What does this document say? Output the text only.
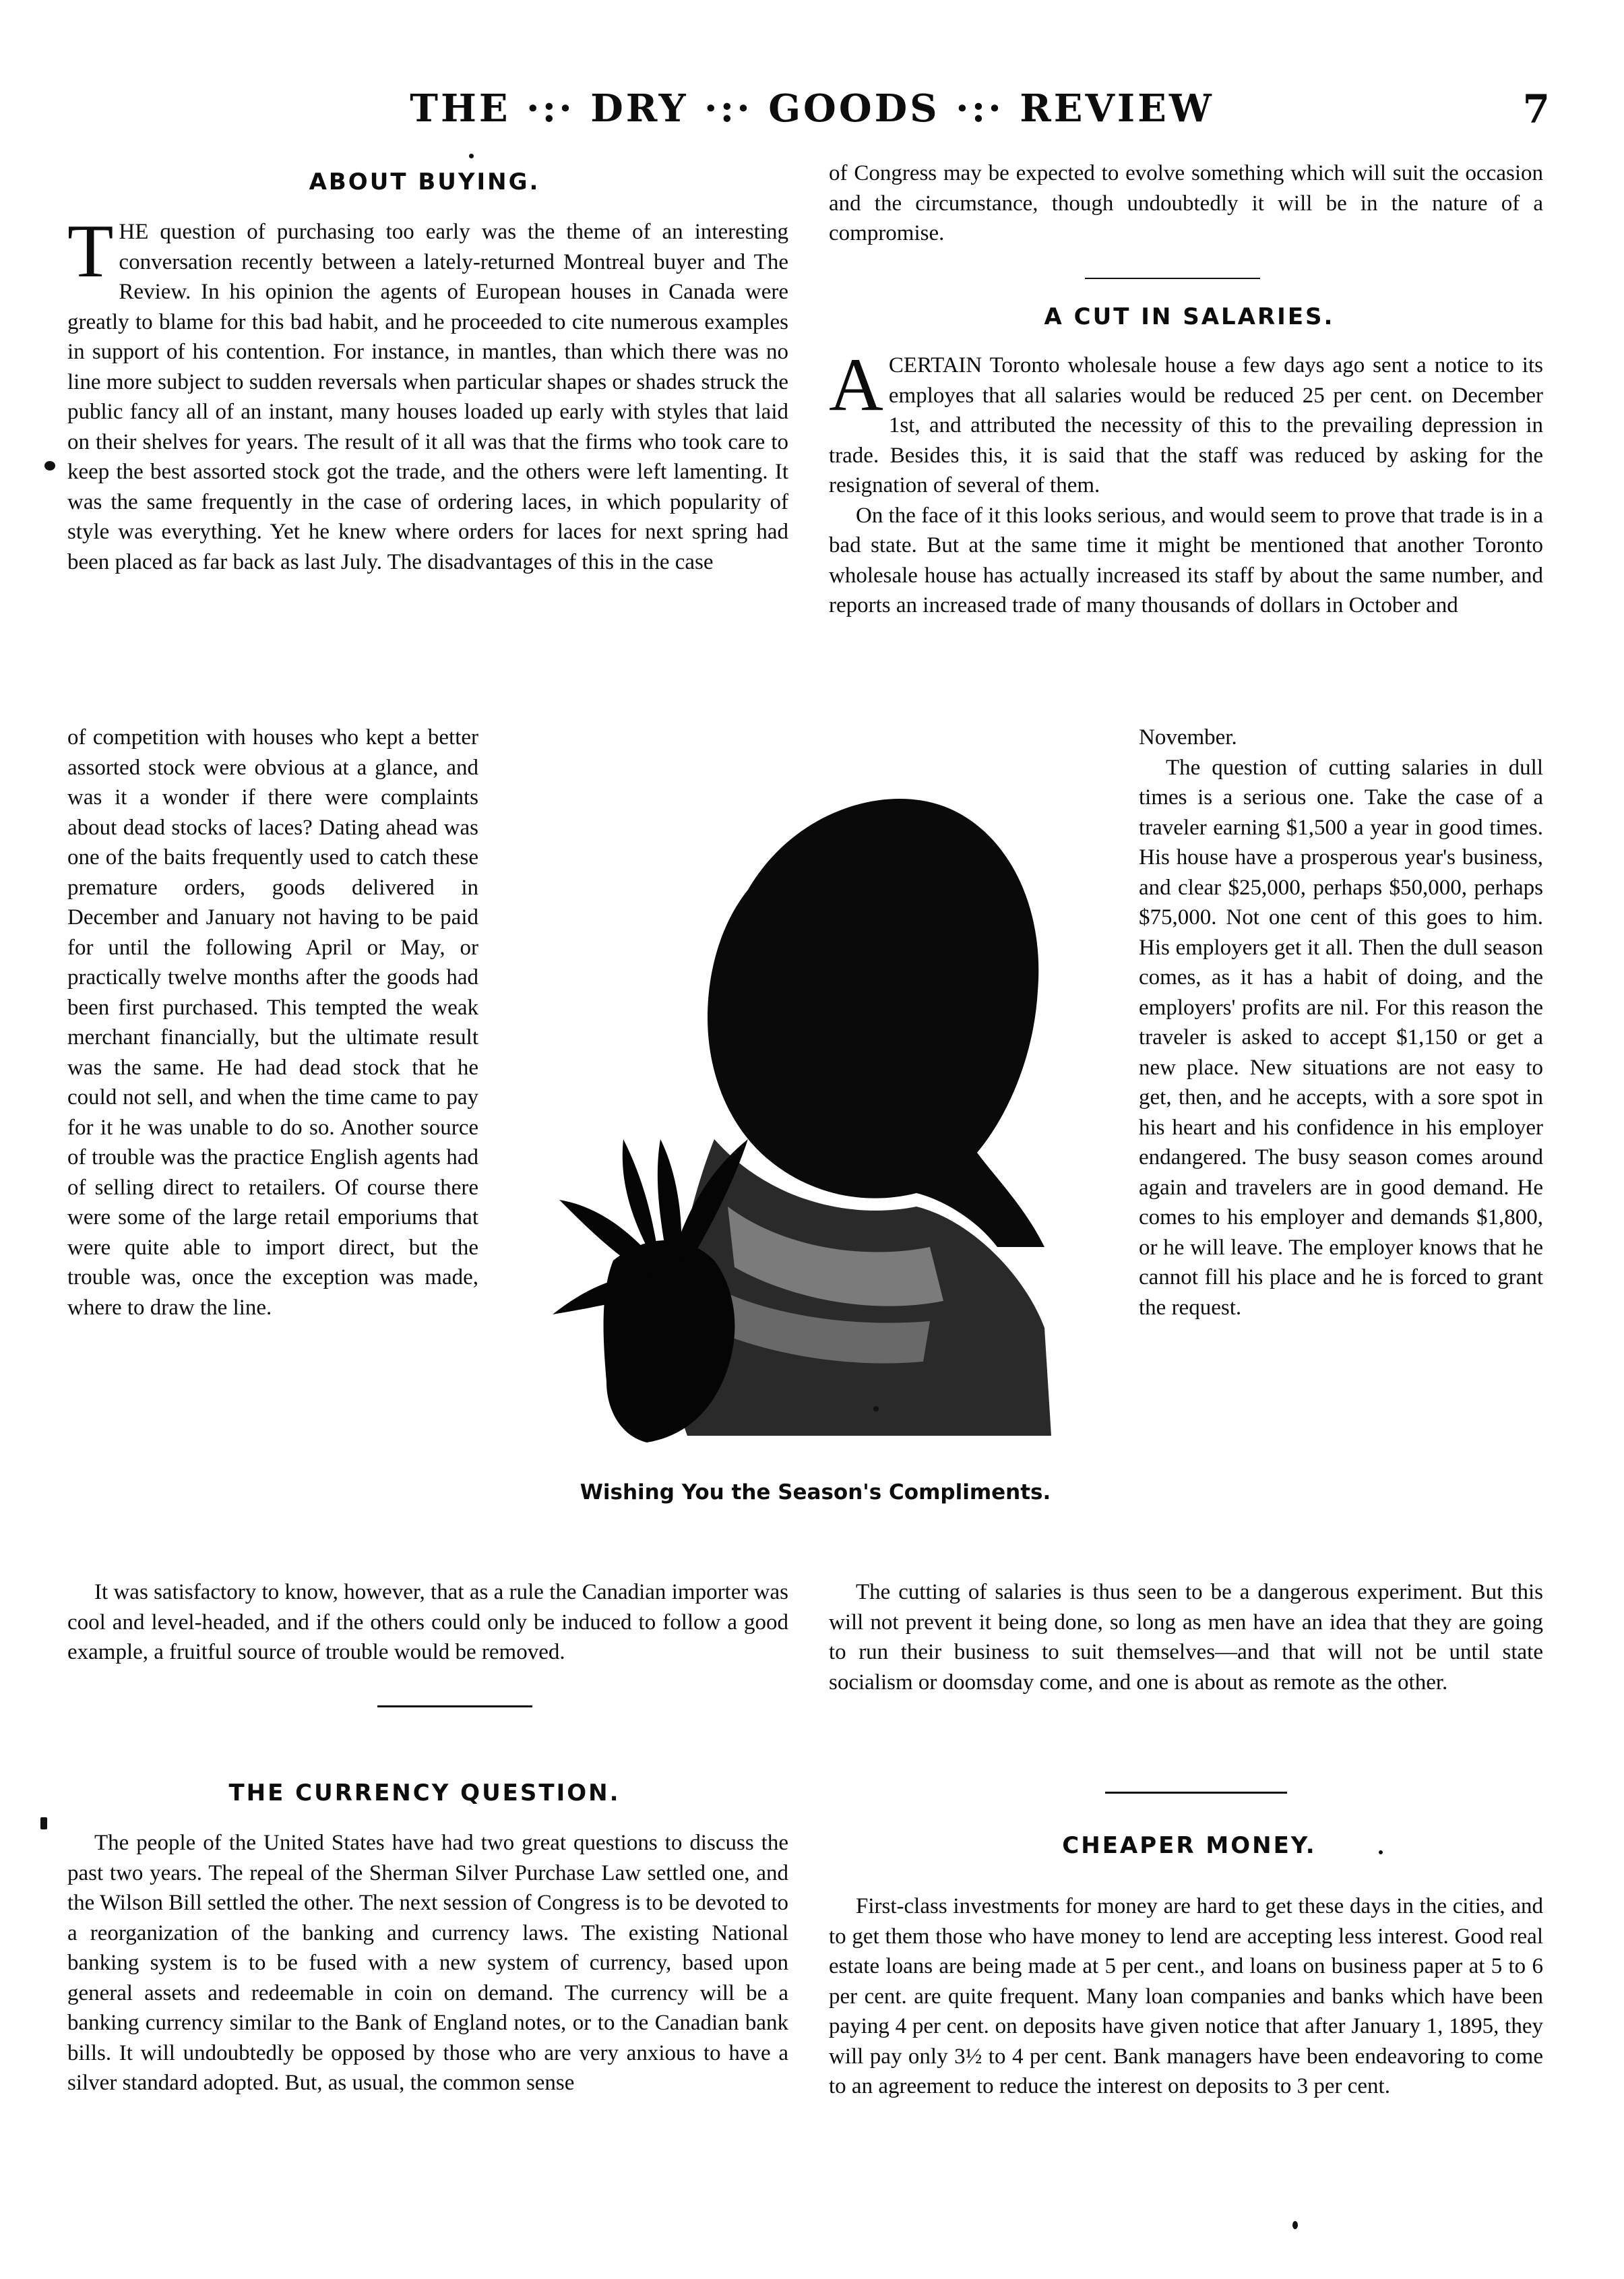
THE ·:· DRY ·:· GOODS ·:· REVIEW	7
ABOUT BUYING.

THE question of purchasing too early was the theme of an interesting conversation recently between a lately-returned Montreal buyer and The Review. In his opinion the agents of European houses in Canada were greatly to blame for this bad habit, and he proceeded to cite numerous examples in support of his contention. For instance, in mantles, than which there was no line more subject to sudden reversals when particular shapes or shades struck the public fancy all of an instant, many houses loaded up early with styles that laid on their shelves for years. The result of it all was that the firms who took care to keep the best assorted stock got the trade, and the others were left lamenting. It was the same frequently in the case of ordering laces, in which popularity of style was everything. Yet he knew where orders for laces for next spring had been placed as far back as last July. The disadvantages of this in the case

of competition with houses who kept a better assorted stock were obvious at a glance, and was it a wonder if there were complaints about dead stocks of laces? Dating ahead was one of the baits frequently used to catch these premature orders, goods delivered in December and January not having to be paid for until the following April or May, or practically twelve months after the goods had been first purchased. This tempted the weak merchant financially, but the ultimate result was the same. He had dead stock that he could not sell, and when the time came to pay for it he was unable to do so. Another source of trouble was the practice English agents had of selling direct to retailers. Of course there were some of the large retail emporiums that were quite able to import direct, but the trouble was, once the exception was made, where to draw the line.

It was satisfactory to know, however, that as a rule the Canadian importer was cool and level-headed, and if the others could only be induced to follow a good example, a fruitful source of trouble would be removed.

THE CURRENCY QUESTION.

The people of the United States have had two great questions to discuss the past two years. The repeal of the Sherman Silver Purchase Law settled one, and the Wilson Bill settled the other. The next session of Congress is to be devoted to a reorganization of the banking and currency laws. The existing National banking system is to be fused with a new system of currency, based upon general assets and redeemable in coin on demand. The currency will be a banking currency similar to the Bank of England notes, or to the Canadian bank bills. It will undoubtedly be opposed by those who are very anxious to have a silver standard adopted. But, as usual, the common sense

of Congress may be expected to evolve something which will suit the occasion and the circumstance, though undoubtedly it will be in the nature of a compromise.

A CUT IN SALARIES.

ACERTAIN Toronto wholesale house a few days ago sent a notice to its employes that all salaries would be reduced 25 per cent. on December 1st, and attributed the necessity of this to the prevailing depression in trade. Besides this, it is said that the staff was reduced by asking for the resignation of several of them.

On the face of it this looks serious, and would seem to prove that trade is in a bad state. But at the same time it might be mentioned that another Toronto wholesale house has actually increased its staff by about the same number, and reports an increased trade of many thousands of dollars in October and

November.

The question of cutting salaries in dull times is a serious one. Take the case of a traveler earning $1,500 a year in good times. His house have a prosperous year's business, and clear $25,000, perhaps $50,000, perhaps $75,000. Not one cent of this goes to him. His employers get it all. Then the dull season comes, as it has a habit of doing, and the employers' profits are nil. For this reason the traveler is asked to accept $1,150 or get a new place. New situations are not easy to get, then, and he accepts, with a sore spot in his heart and his confidence in his employer endangered. The busy season comes around again and travelers are in good demand. He comes to his employer and demands $1,800, or he will leave. The employer knows that he cannot fill his place and he is forced to grant the request.

The cutting of salaries is thus seen to be a dangerous experiment. But this will not prevent it being done, so long as men have an idea that they are going to run their business to suit themselves—and that will not be until state socialism or doomsday come, and one is about as remote as the other.

CHEAPER MONEY.

First-class investments for money are hard to get these days in the cities, and to get them those who have money to lend are accepting less interest. Good real estate loans are being made at 5 per cent., and loans on business paper at 5 to 6 per cent. are quite frequent. Many loan companies and banks which have been paying 4 per cent. on deposits have given notice that after January 1, 1895, they will pay only 3½ to 4 per cent. Bank managers have been endeavoring to come to an agreement to reduce the interest on deposits to 3 per cent.

Wishing You the Season's Compliments.
